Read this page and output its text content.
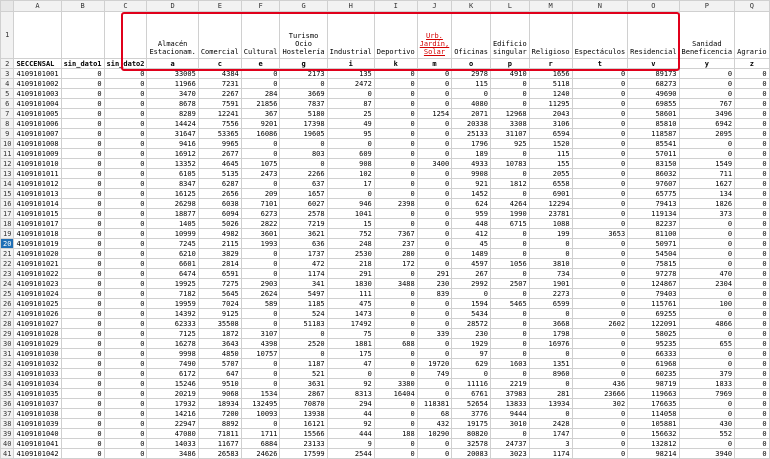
	A	B	C	D	E	F	G	H	I	J	K	L	M	N	O	P	Q
1				Almacén Estacionam.	Comercial	Cultural	Turismo Ocio Hostelería	Industrial	Deportivo	Urb. Jardín, Solar	Oficinas	Edificio singular	Religioso	Espectáculos	Residencial	Sanidad Beneficencia	Agrario
2	SECCENSAL	sin_dato1	sin_dato2	a	c	e	g	i	k	m	o	p	r	t	v	y	z
3	4109101001	0	0	33005	4384	0	2173	135	0	0	2978	4910	1656	0	89173	0	0
4	4109101002	0	0	11966	7231	0	0	2472	0	0	115	0	5118	0	68273	0	0
5	4109101003	0	0	3470	2267	284	3669	0	0	0	0	0	1240	0	49690	0	0
6	4109101004	0	0	8678	7591	21856	7837	87	0	0	4080	0	11295	0	69855	767	0
7	4109101005	0	0	8289	12241	367	5180	25	0	1254	2071	12968	2043	0	58601	3496	0
8	4109101006	0	0	14424	7556	9201	17398	49	0	0	20338	3308	3106	0	85810	6942	0
9	4109101007	0	0	31647	53365	16086	19605	95	0	0	25133	31107	6594	0	118587	2095	0
10	4109101008	0	0	9416	9965	0	0	0	0	0	1796	925	1520	0	85541	0	0
11	4109101009	0	0	16912	2677	0	803	609	0	0	189	0	115	0	57011	0	0
12	4109101010	0	0	13352	4645	1075	0	908	0	3400	4933	10783	155	0	83150	1549	0
13	4109101011	0	0	6105	5135	2473	2266	102	0	0	9908	0	2055	0	86032	711	0
14	4109101012	0	0	8347	6287	0	637	17	0	0	921	1812	6558	0	97607	1627	0
15	4109101013	0	0	16125	2656	209	1657	0	0	0	1452	0	6901	0	65775	134	0
16	4109101014	0	0	26298	6038	7101	6027	946	2398	0	624	4264	12294	0	79413	1826	0
17	4109101015	0	0	18877	6094	6273	2578	1041	0	0	959	1990	23781	0	119134	373	0
18	4109101017	0	0	1405	5026	2822	7219	15	0	0	448	6715	1088	0	82237	0	0
19	4109101018	0	0	10999	4982	3601	3621	752	7367	0	412	0	199	3653	81100	0	0
20	4109101019	0	0	7245	2115	1993	636	248	237	0	45	0	0	0	50971	0	0
21	4109101020	0	0	6210	3829	0	1737	2530	280	0	1489	0	0	0	54504	0	0
22	4109101021	0	0	6601	2814	0	472	218	172	0	4597	1056	3810	0	75815	0	0
23	4109101022	0	0	6474	6591	0	1174	291	0	291	267	0	734	0	97278	470	0
24	4109101023	0	0	19925	7275	2903	341	1830	3488	230	2992	2507	1901	0	124867	2304	0
25	4109101024	0	0	7182	5645	2624	5497	111	0	839	0	0	2273	0	79403	0	0
26	4109101025	0	0	19959	7024	589	1185	475	0	0	1594	5465	6599	0	115761	100	0
27	4109101026	0	0	14392	9125	0	524	1473	0	0	5434	0	0	0	69255	0	0
28	4109101027	0	0	62333	35508	0	51183	17492	0	0	28572	0	3668	2602	122091	4866	0
29	4109101028	0	0	7125	1872	3107	0	75	0	339	230	0	1798	0	58025	0	0
30	4109101029	0	0	16278	3643	4398	2520	1881	688	0	1929	0	16976	0	95235	655	0
31	4109101030	0	0	9998	4850	10757	0	175	0	0	97	0	0	0	66333	0	0
32	4109101032	0	0	7490	5707	0	1187	47	0	19720	629	1603	1351	0	61968	0	0
33	4109101033	0	0	6172	647	0	521	0	0	749	0	0	8960	0	60235	379	0
34	4109101034	0	0	15246	9510	0	3631	92	3380	0	11116	2219	0	436	98719	1833	0
35	4109101035	0	0	20219	9068	1534	2867	8313	16404	0	6761	37983	281	23666	119663	7969	0
36	4109101037	0	0	17932	18934	132495	70870	294	0	118381	52654	13833	13934	302	176635	0	0
37	4109101038	0	0	14216	7200	10093	13938	44	0	68	3776	9444	0	0	114058	0	0
38	4109101039	0	0	22947	8892	0	16121	92	0	432	19175	3010	2428	0	105881	430	0
39	4109101040	0	0	47080	71811	1711	15566	444	188	10290	80820	0	1747	0	156632	552	0
40	4109101041	0	0	14033	11677	6884	23133	9	0	0	32578	24737	3	0	132812	0	0
41	4109101042	0	0	3486	26583	24626	17599	2544	0	0	20083	3023	1174	0	98214	3940	0
